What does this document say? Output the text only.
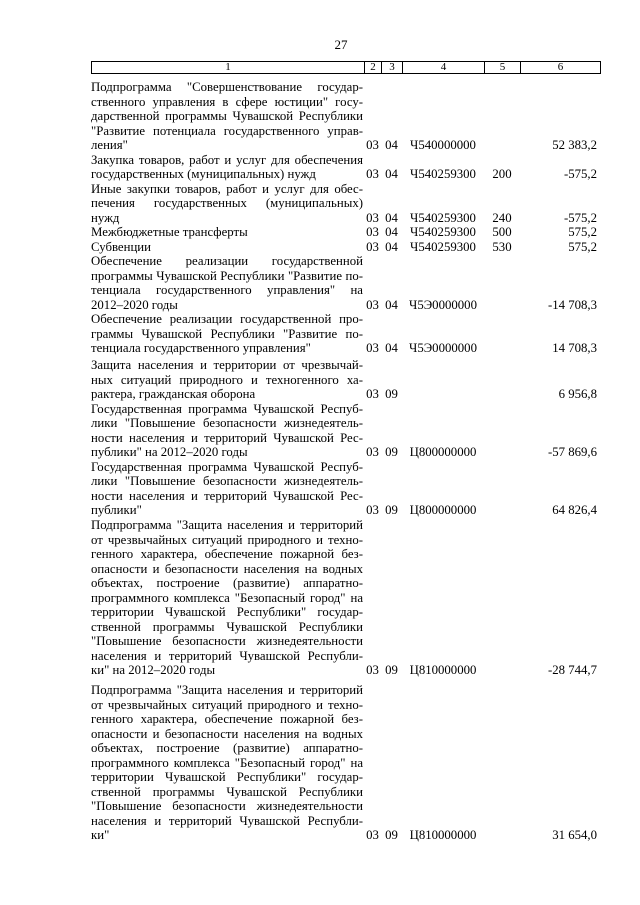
27
1	2	3	4	5	6
Подпрограмма "Совершенствование государ-
ственного управления в сфере юстиции" госу-
дарственной программы Чувашской Республики
"Развитие потенциала государственного управ-
ления"	03 04 Ч540000000	52 383,2
Закупка товаров, работ и услуг для обеспечения
государственных (муниципальных) нужд	03 04 Ч540259300	200	-575,2
Иные закупки товаров, работ и услуг для обес-
печения государственных (муниципальных)
нужд	03 04 Ч540259300	240	-575,2
Межбюджетные трансферты	03 04 Ч540259300	500	575,2
Субвенции	03 04 Ч540259300	530	575,2
Обеспечение реализации государственной
программы Чувашской Республики "Развитие по-
тенциала государственного управления" на
2012–2020 годы	03 04 Ч5Э0000000	-14 708,3
Обеспечение реализации государственной про-
граммы Чувашской Республики "Развитие по-
тенциала государственного управления"	03 04 Ч5Э0000000	14 708,3
Защита населения и территории от чрезвычай-
ных ситуаций природного и техногенного ха-
рактера, гражданская оборона	03 09	6 956,8
Государственная программа Чувашской Респуб-
лики "Повышение безопасности жизнедеятель-
ности населения и территорий Чувашской Рес-
публики" на 2012–2020 годы	03 09 Ц800000000	-57 869,6
Государственная программа Чувашской Респуб-
лики "Повышение безопасности жизнедеятель-
ности населения и территорий Чувашской Рес-
публики"	03 09 Ц800000000	64 826,4
Подпрограмма "Защита населения и территорий
от чрезвычайных ситуаций природного и техно-
генного характера, обеспечение пожарной без-
опасности и безопасности населения на водных
объектах, построение (развитие) аппаратно-
программного комплекса "Безопасный город" на
территории Чувашской Республики" государ-
ственной программы Чувашской Республики
"Повышение безопасности жизнедеятельности
населения и территорий Чувашской Республи-
ки" на 2012–2020 годы	03 09 Ц810000000	-28 744,7
Подпрограмма "Защита населения и территорий
от чрезвычайных ситуаций природного и техно-
генного характера, обеспечение пожарной без-
опасности и безопасности населения на водных
объектах, построение (развитие) аппаратно-
программного комплекса "Безопасный город" на
территории Чувашской Республики" государ-
ственной программы Чувашской Республики
"Повышение безопасности жизнедеятельности
населения и территорий Чувашской Республи-
ки"	03 09 Ц810000000	31 654,0
